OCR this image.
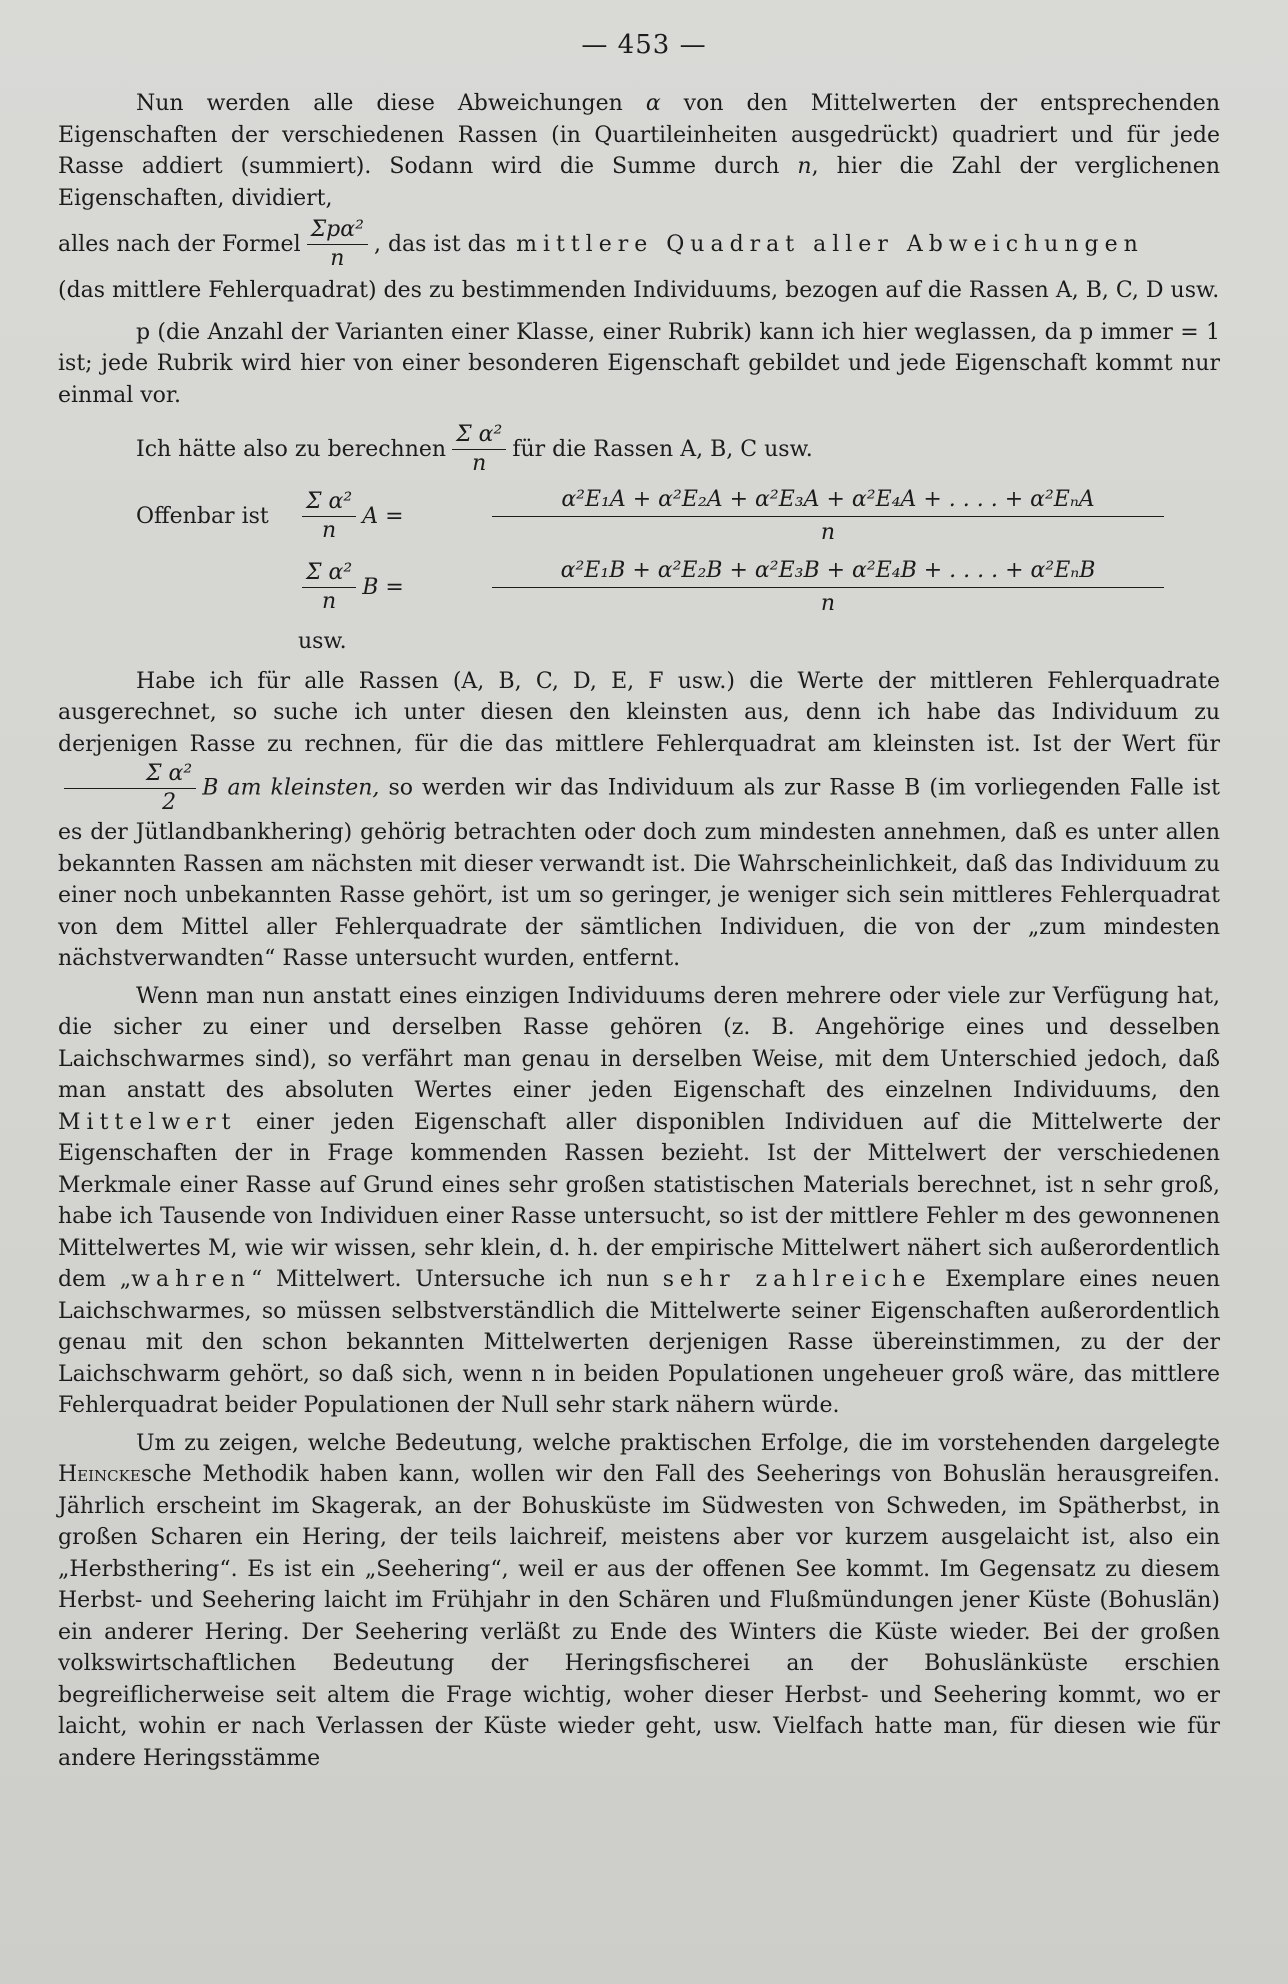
— 453 —

Nun werden alle diese Abweichungen α von den Mittelwerten der entsprechenden Eigenschaften der verschiedenen Rassen (in Quartileinheiten ausgedrückt) quadriert und für jede Rasse addiert (summiert). Sodann wird die Summe durch n, hier die Zahl der verglichenen Eigenschaften, dividiert,

alles nach der Formel $\frac{\text{Σpα²}}{n}$ , das ist das mittlere Quadrat aller Abweichungen

(das mittlere Fehlerquadrat) des zu bestimmenden Individuums, bezogen auf die Rassen A, B, C, D usw.

p (die Anzahl der Varianten einer Klasse, einer Rubrik) kann ich hier weglassen, da p immer = 1 ist; jede Rubrik wird hier von einer besonderen Eigenschaft gebildet und jede Eigenschaft kommt nur einmal vor.

Ich hätte also zu berechnen $\frac{\text{Σ α²}}{n}$ für die Rassen A, B, C usw.
Offenbar ist $\frac{\text{Σ α²}}{n}$ $A = \frac{\text{α²E₁A + α²E₂A + α²E₃A + α²E₄A + . . . . + α²EₙA}}{n}$
$\frac{\text{Σ α²}}{n}$ $B = \frac{\text{α²E₁B + α²E₂B + α²E₃B + α²E₄B + . . . . + α²EₙB}}{n}$

usw.

Habe ich für alle Rassen (A, B, C, D, E, F usw.) die Werte der mittleren Fehlerquadrate ausgerechnet, so suche ich unter diesen den kleinsten aus, denn ich habe das Individuum zu derjenigen Rasse zu rechnen, für die das mittlere Fehlerquadrat am kleinsten ist. Ist der Wert für
$\frac{\text{Σ α²}}{2}$ B am kleinsten, so werden wir das Individuum als zur Rasse B (im vorliegenden Falle ist es der Jütlandbankhering) gehörig betrachten oder doch zum mindesten annehmen, daß es unter allen bekannten Rassen am nächsten mit dieser verwandt ist. Die Wahrscheinlichkeit, daß das Individuum zu einer noch unbekannten Rasse gehört, ist um so geringer, je weniger sich sein mittleres Fehlerquadrat von dem Mittel aller Fehlerquadrate der sämtlichen Individuen, die von der „zum mindesten nächstverwandten“ Rasse untersucht wurden, entfernt.

Wenn man nun anstatt eines einzigen Individuums deren mehrere oder viele zur Verfügung hat, die sicher zu einer und derselben Rasse gehören (z. B. Angehörige eines und desselben Laichschwarmes sind), so verfährt man genau in derselben Weise, mit dem Unterschied jedoch, daß man anstatt des absoluten Wertes einer jeden Eigenschaft des einzelnen Individuums, den Mittelwert einer jeden Eigenschaft aller disponiblen Individuen auf die Mittelwerte der Eigenschaften der in Frage kommenden Rassen bezieht. Ist der Mittelwert der verschiedenen Merkmale einer Rasse auf Grund eines sehr großen statistischen Materials berechnet, ist n sehr groß, habe ich Tausende von Individuen einer Rasse untersucht, so ist der mittlere Fehler m des gewonnenen Mittelwertes M, wie wir wissen, sehr klein, d. h. der empirische Mittelwert nähert sich außerordentlich dem „wahren“ Mittelwert. Untersuche ich nun sehr zahlreiche Exemplare eines neuen Laichschwarmes, so müssen selbstverständlich die Mittelwerte seiner Eigenschaften außerordentlich genau mit den schon bekannten Mittelwerten derjenigen Rasse übereinstimmen, zu der der Laichschwarm gehört, so daß sich, wenn n in beiden Populationen ungeheuer groß wäre, das mittlere Fehlerquadrat beider Populationen der Null sehr stark nähern würde.

Um zu zeigen, welche Bedeutung, welche praktischen Erfolge, die im vorstehenden dargelegte Heinckesche Methodik haben kann, wollen wir den Fall des Seeherings von Bohuslän herausgreifen. Jährlich erscheint im Skagerak, an der Bohusküste im Südwesten von Schweden, im Spätherbst, in großen Scharen ein Hering, der teils laichreif, meistens aber vor kurzem ausgelaicht ist, also ein „Herbsthering“. Es ist ein „Seehering“, weil er aus der offenen See kommt. Im Gegensatz zu diesem Herbst- und Seehering laicht im Frühjahr in den Schären und Flußmündungen jener Küste (Bohuslän) ein anderer Hering. Der Seehering verläßt zu Ende des Winters die Küste wieder. Bei der großen volkswirtschaftlichen Bedeutung der Heringsfischerei an der Bohuslänküste erschien begreiflicherweise seit altem die Frage wichtig, woher dieser Herbst- und Seehering kommt, wo er laicht, wohin er nach Verlassen der Küste wieder geht, usw. Vielfach hatte man, für diesen wie für andere Heringsstämme
